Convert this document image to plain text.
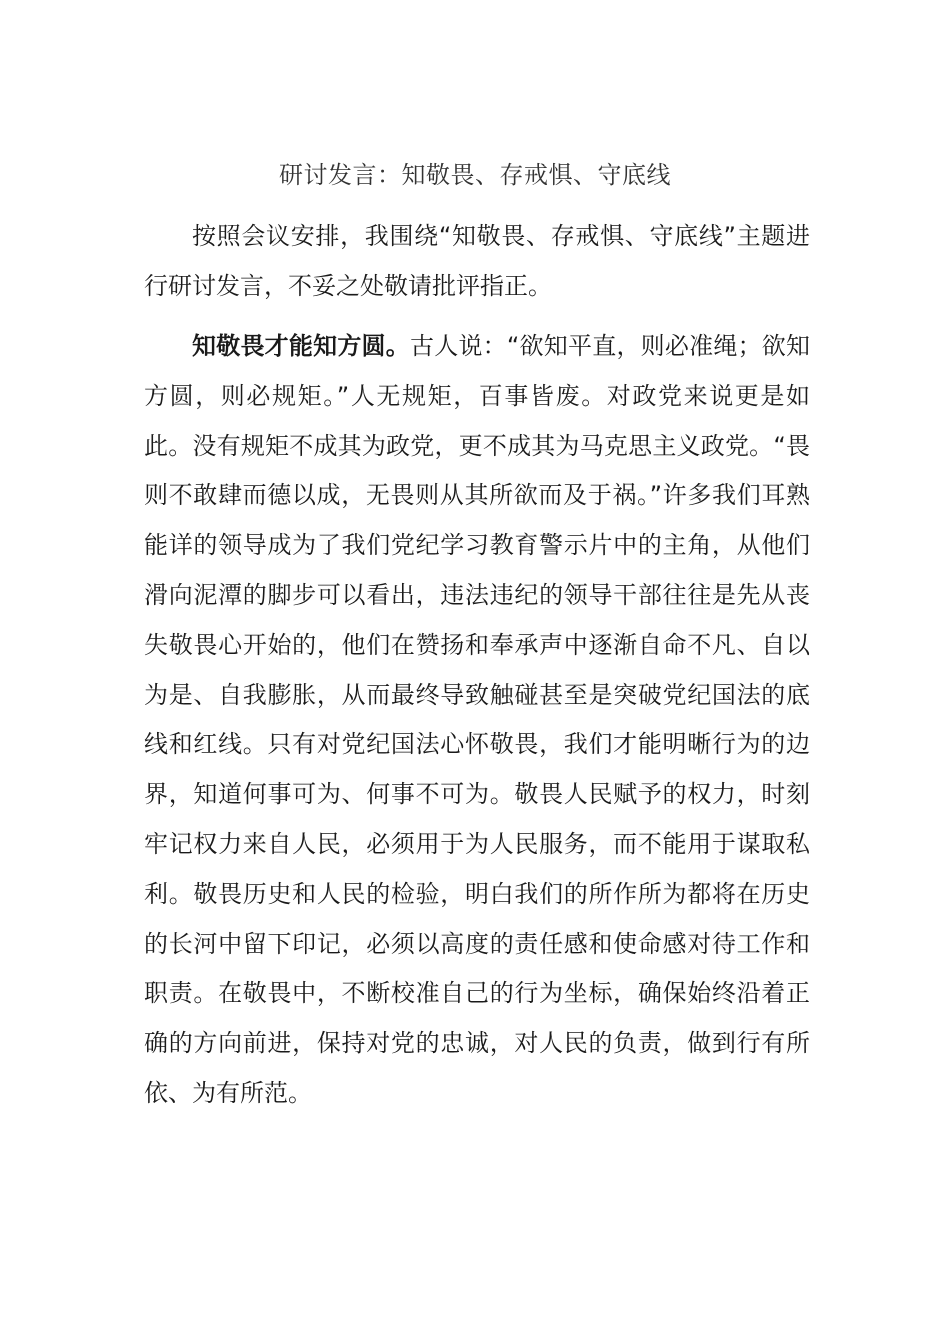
研讨发言：知敬畏、存戒惧、守底线

按照会议安排，我围绕“知敬畏、存戒惧、守底线”主题进行研讨发言，不妥之处敬请批评指正。

知敬畏才能知方圆。古人说：“欲知平直，则必准绳；欲知方圆，则必规矩。”人无规矩，百事皆废。对政党来说更是如此。没有规矩不成其为政党，更不成其为马克思主义政党。“畏则不敢肆而德以成，无畏则从其所欲而及于祸。”许多我们耳熟能详的领导成为了我们党纪学习教育警示片中的主角，从他们滑向泥潭的脚步可以看出，违法违纪的领导干部往往是先从丧失敬畏心开始的，他们在赞扬和奉承声中逐渐自命不凡、自以为是、自我膨胀，从而最终导致触碰甚至是突破党纪国法的底线和红线。只有对党纪国法心怀敬畏，我们才能明晰行为的边界，知道何事可为、何事不可为。敬畏人民赋予的权力，时刻牢记权力来自人民，必须用于为人民服务，而不能用于谋取私利。敬畏历史和人民的检验，明白我们的所作所为都将在历史的长河中留下印记，必须以高度的责任感和使命感对待工作和职责。在敬畏中，不断校准自己的行为坐标，确保始终沿着正确的方向前进，保持对党的忠诚，对人民的负责，做到行有所依、为有所范。
